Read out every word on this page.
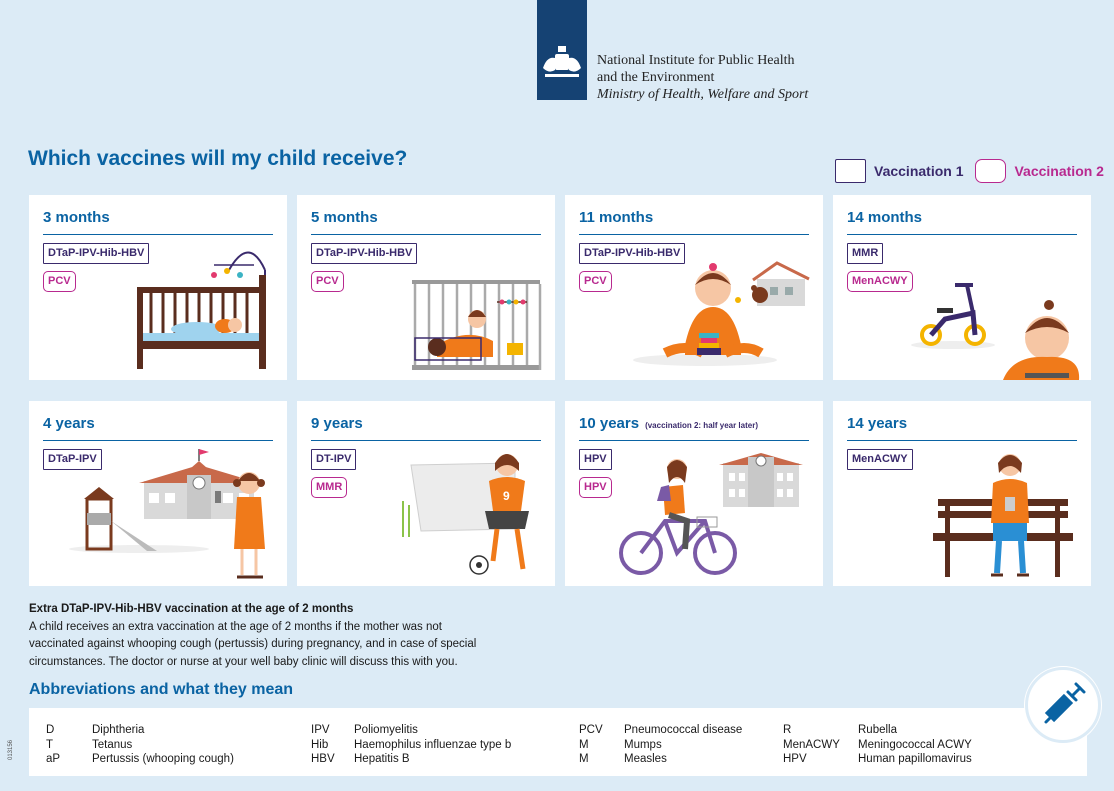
National Institute for Public Health
and the Environment
Ministry of Health, Welfare and Sport
Which vaccines will my child receive?
Vaccination 1	Vaccination 2
3 months
DTaP-IPV-Hib-HBV
PCV
5 months
DTaP-IPV-Hib-HBV
PCV
11 months
DTaP-IPV-Hib-HBV
PCV
14 months
MMR
MenACWY
4 years
DTaP-IPV
9
9 years
DT-IPV
MMR
10 years (vaccination 2: half year later)
HPV
HPV
14 years
MenACWY
Extra DTaP-IPV-Hib-HBV vaccination at the age of 2 months
A child receives an extra vaccination at the age of 2 months if the mother was not
vaccinated against whooping cough (pertussis) during pregnancy, and in case of special
circumstances. The doctor or nurse at your well baby clinic will discuss this with you.
Abbreviations and what they mean
D	Diphtheria
T	Tetanus
aP	Pertussis (whooping cough)
IPV	Poliomyelitis
Hib	Haemophilus influenzae type b
HBV	Hepatitis B
PCV	Pneumococcal disease
M	Mumps
M	Measles
R	Rubella
MenACWY	Meningococcal ACWY
HPV	Human papillomavirus
013156
